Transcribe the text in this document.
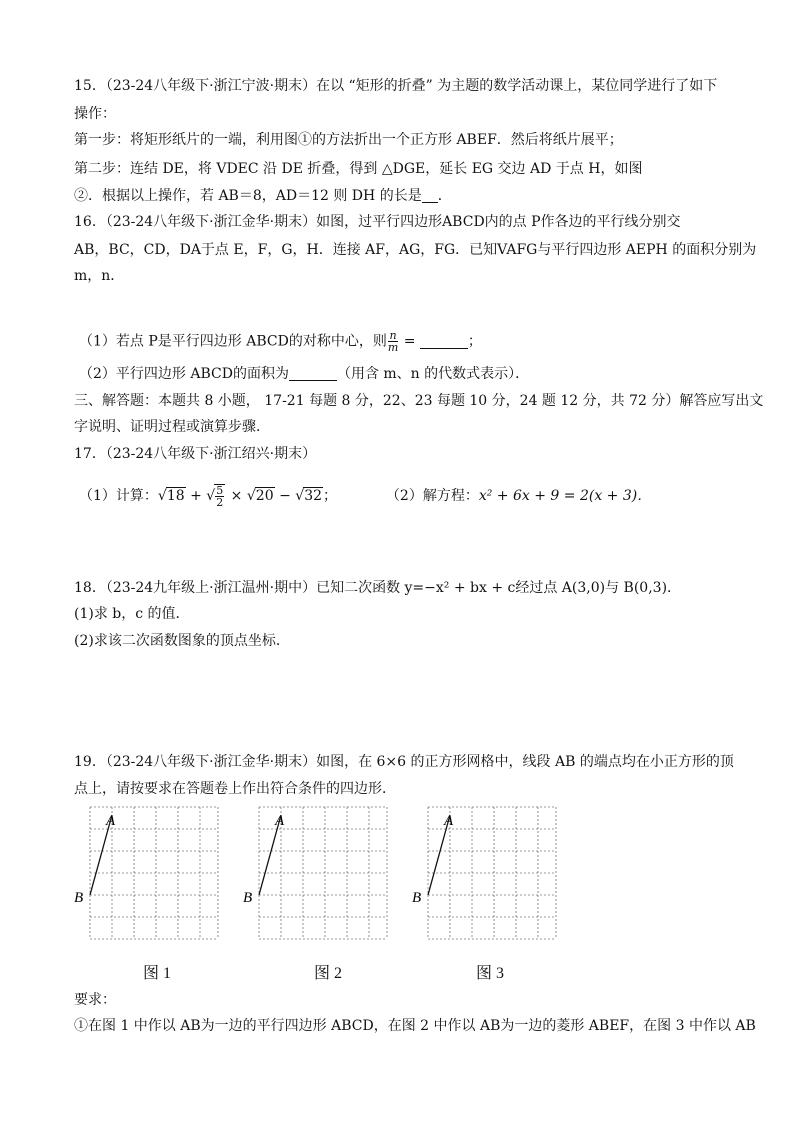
15．（23-24八年级下·浙江宁波·期末）在以 “矩形的折叠” 为主题的数学活动课上，某位同学进行了如下
操作：
第一步：将矩形纸片的一端，利用图①的方法折出一个正方形 ABEF．然后将纸片展平；
第二步：连结 DE，将 VDEC 沿 DE 折叠，得到 △DGE，延长 EG 交边 AD 于点 H，如图
②．根据以上操作，若 AB＝8，AD＝12 则 DH 的长是 ．
16．（23-24八年级下·浙江金华·期末）如图，过平行四边形ABCD内的点 P作各边的平行线分别交
AB，BC，CD，DA于点 E，F，G，H．连接 AF，AG，FG．已知VAFG与平行四边形 AEPH 的面积分别为
m，n．
（1）若点 P是平行四边形 ABCD的对称中心，则 $\frac{n}{m}$ =	；
（2）平行四边形 ABCD的面积为	（用含 m、n 的代数式表示）．
三、解答题：本题共 8 小题， 17-21 每题 8 分，22、23 每题 10 分，24 题 12 分，共 72 分）解答应写出文
字说明、证明过程或演算步骤．
17．（23-24八年级下·浙江绍兴·期末）
（1）计算：√18 + √ $\frac{5}{2} \times √20 - √32$；	（2）解方程：x² + 6x + 9 = 2(x + 3)．
18．（23-24九年级上·浙江温州·期中）已知二次函数 y=−x² + bx + c经过点 A(3,0)与 B(0,3)．
(1)求 b，c 的值．
(2)求该二次函数图象的顶点坐标．
19．（23-24八年级下·浙江金华·期末）如图，在 6×6 的正方形网格中，线段 AB 的端点均在小正方形的顶
点上，请按要求在答题卷上作出符合条件的四边形．
A
B
A
B
A
B
图 1	图 2	图 3
要求：
①在图 1 中作以 AB为一边的平行四边形 ABCD，在图 2 中作以 AB为一边的菱形 ABEF，在图 3 中作以 AB
